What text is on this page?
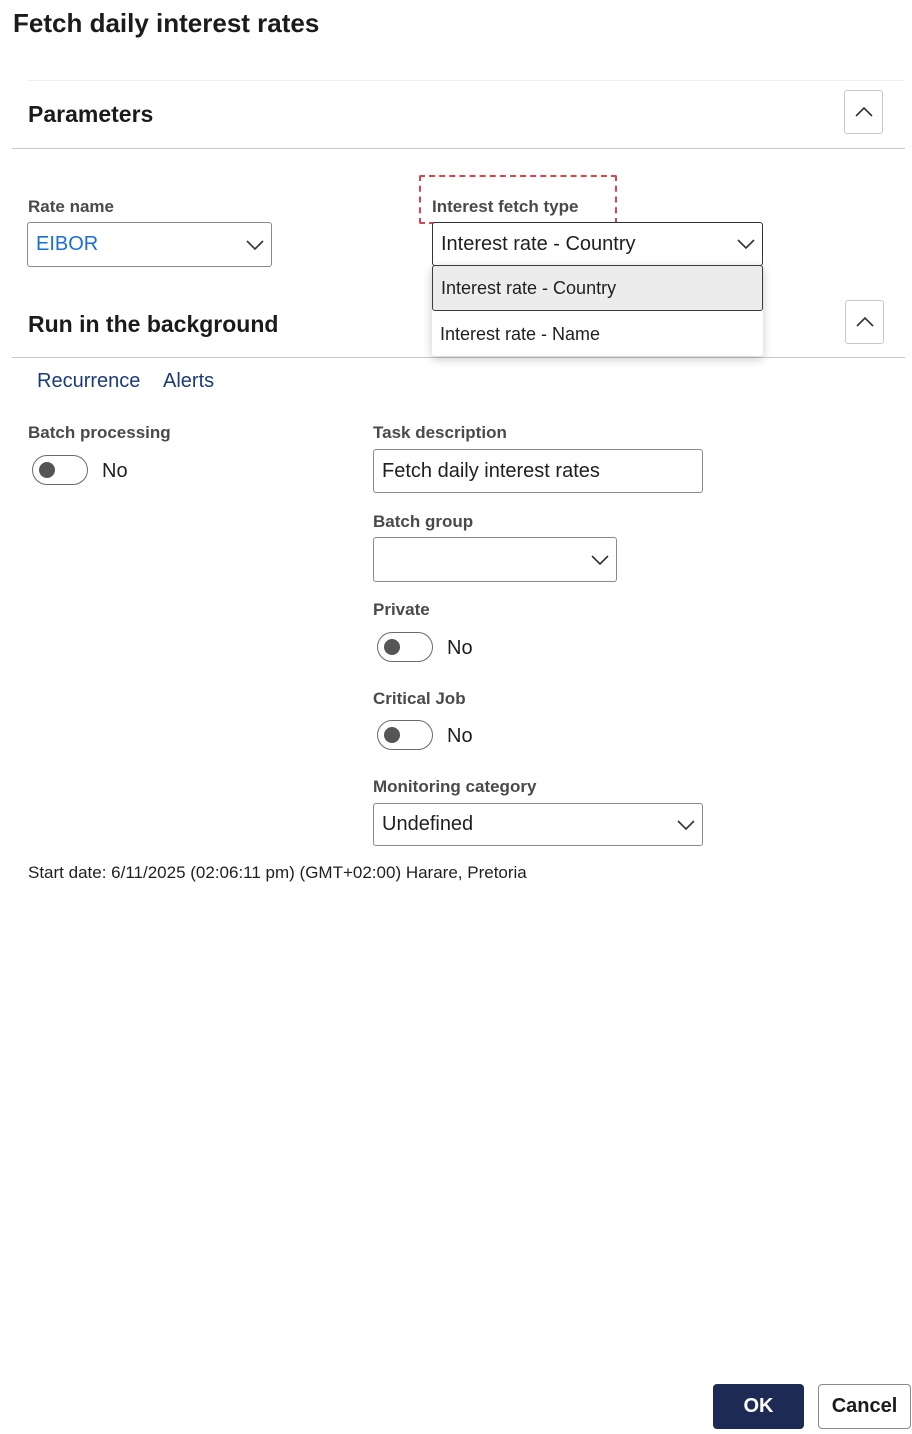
Fetch daily interest rates
Parameters
Rate name
EIBOR
Interest fetch type
Interest rate - Country
Run in the background
Interest rate - Country
Interest rate - Name
Recurrence Alerts
Batch processing
No
Task description
Fetch daily interest rates
Batch group
Private
No
Critical Job
No
Monitoring category
Undefined
Start date: 6/11/2025 (02:06:11 pm) (GMT+02:00) Harare, Pretoria
OK	Cancel
